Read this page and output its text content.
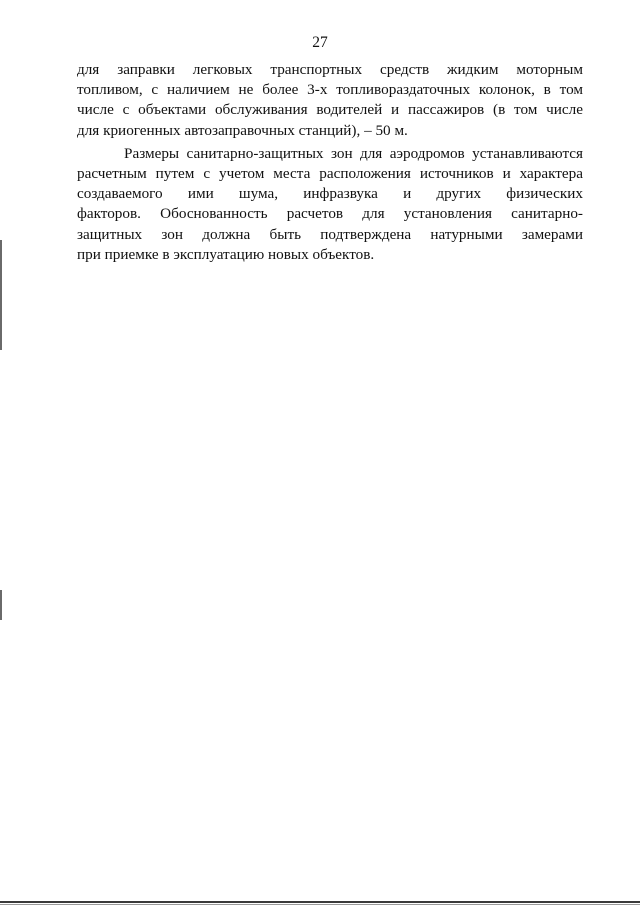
27
для заправки легковых транспортных средств жидким моторным
топливом, с наличием не более 3-х топливораздаточных колонок, в том
числе с объектами обслуживания водителей и пассажиров (в том числе
для криогенных автозаправочных станций), – 50 м.
Размеры санитарно-защитных зон для аэродромов устанавливаются
расчетным путем с учетом места расположения источников и характера
создаваемого ими шума, инфразвука и других физических
факторов. Обоснованность расчетов для установления санитарно-
защитных зон должна быть подтверждена натурными замерами
при приемке в эксплуатацию новых объектов.
